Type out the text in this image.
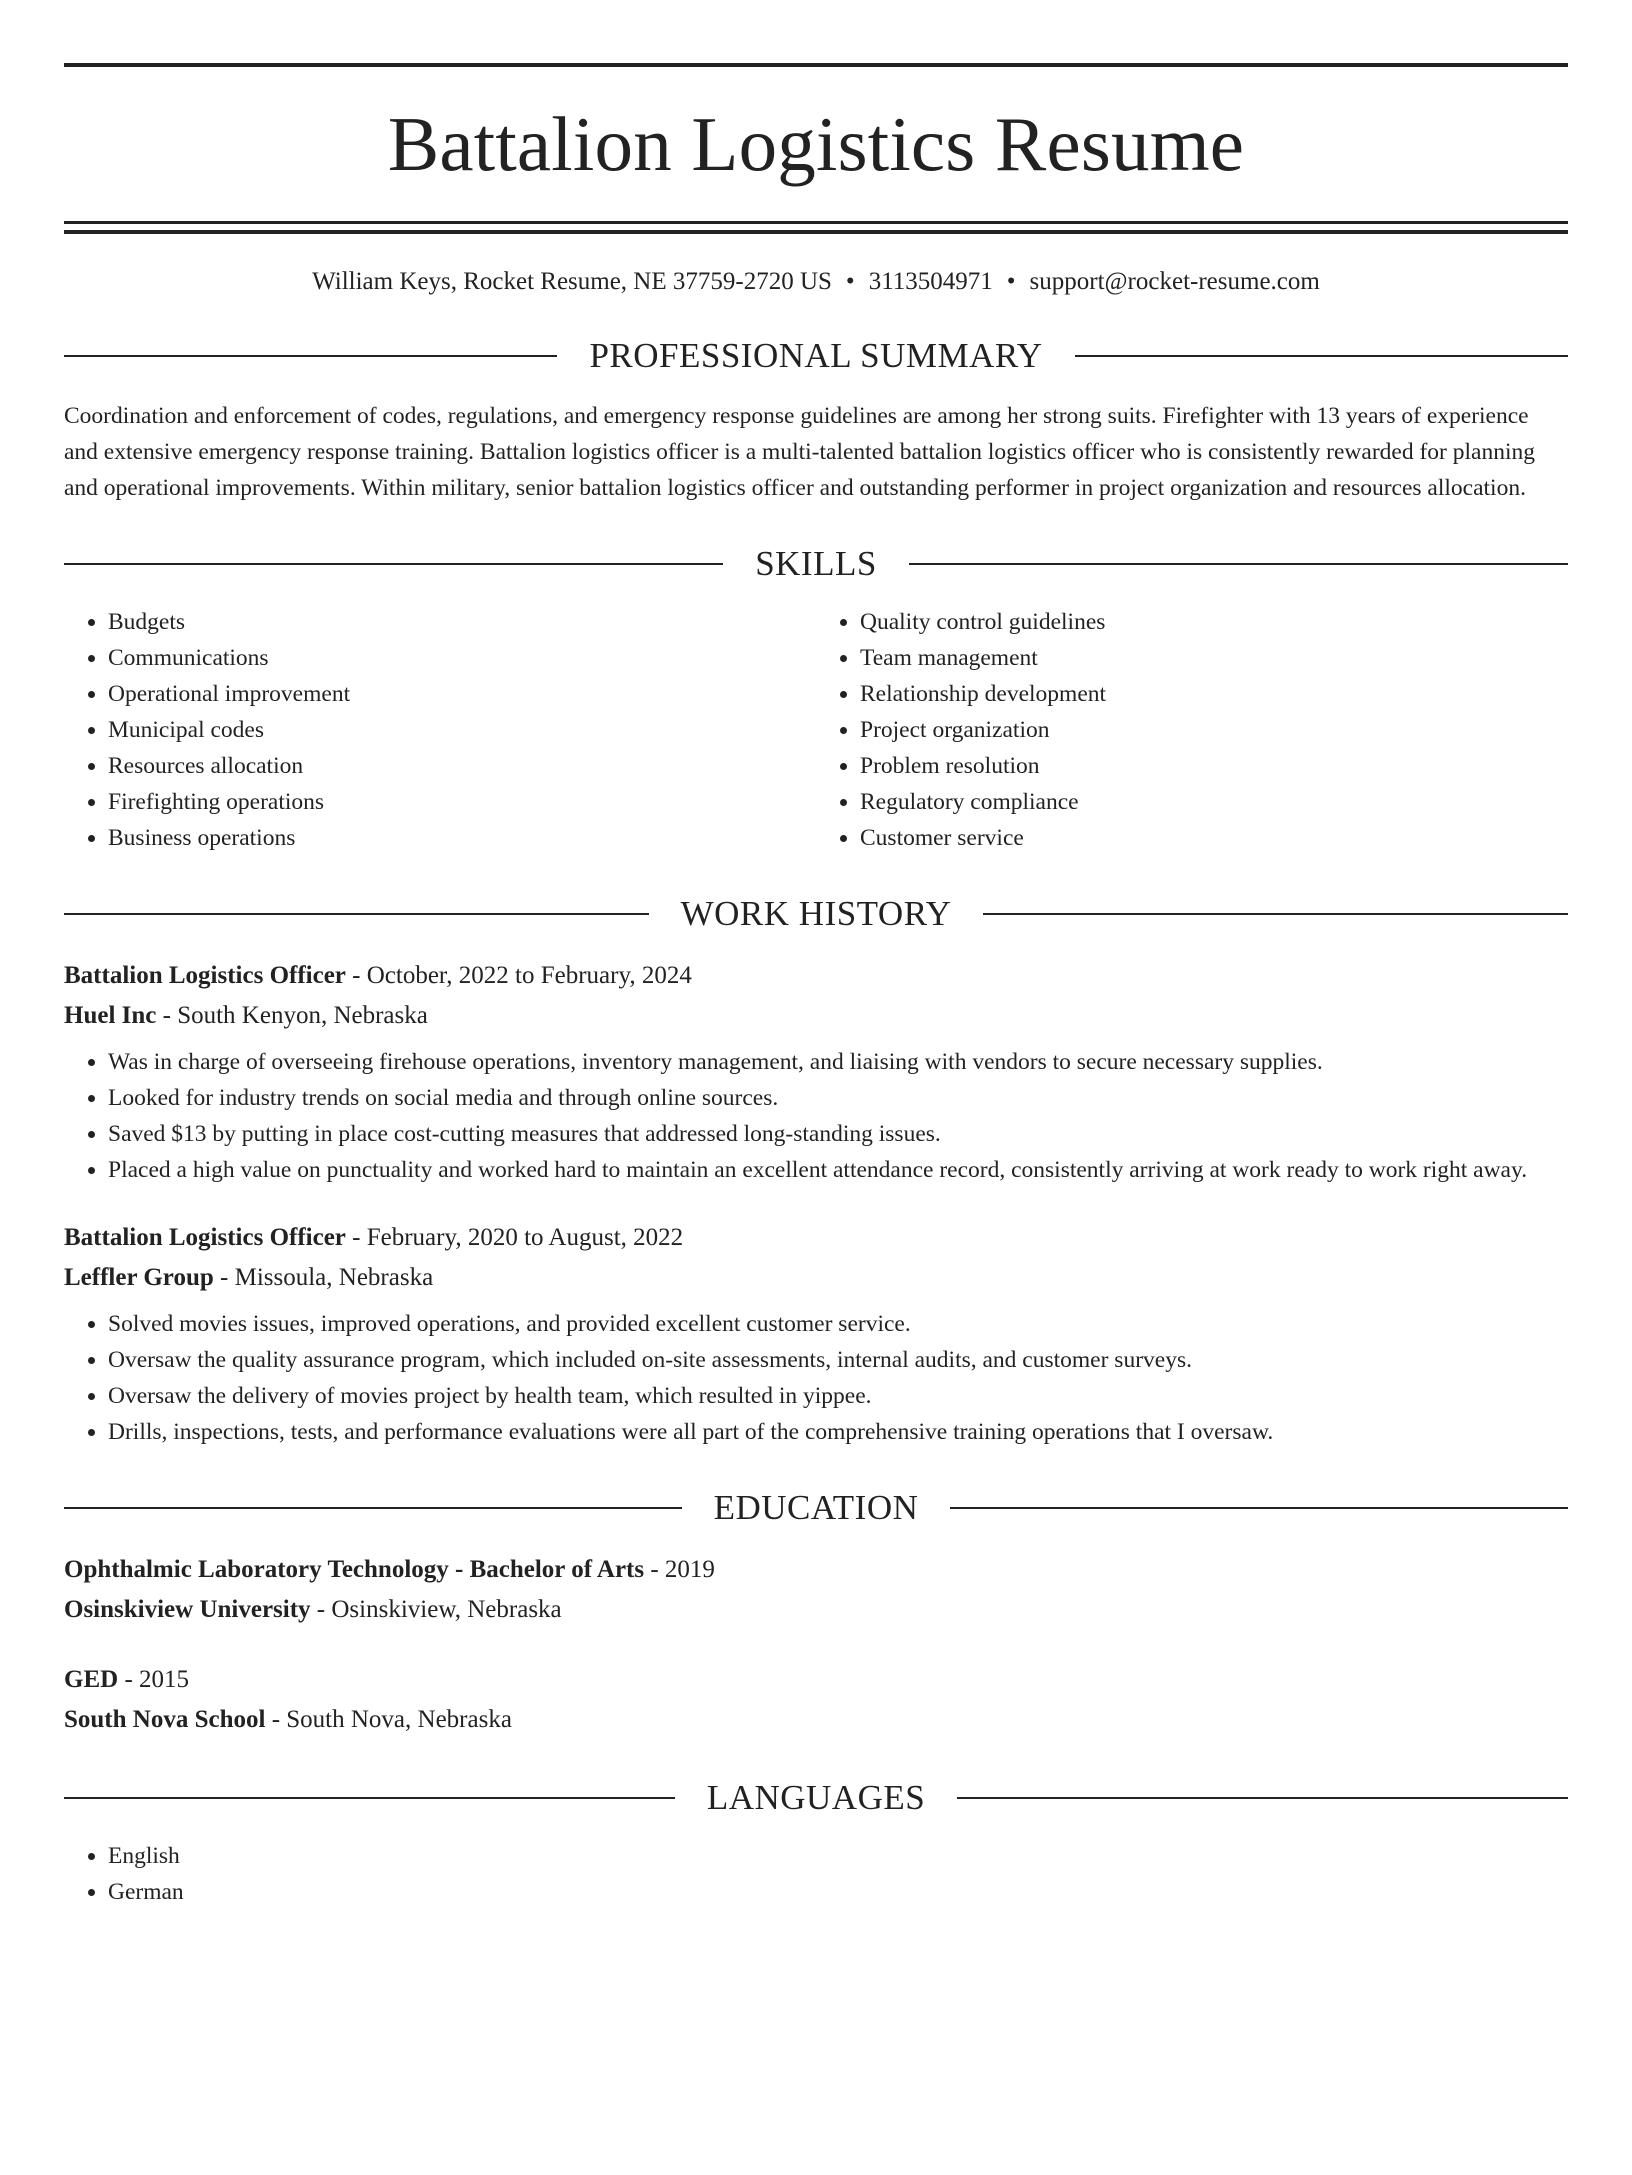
Battalion Logistics Resume
William Keys, Rocket Resume, NE 37759-2720 US • 3113504971 • support@rocket-resume.com
PROFESSIONAL SUMMARY
Coordination and enforcement of codes, regulations, and emergency response guidelines are among her strong suits. Firefighter with 13 years of experience and extensive emergency response training. Battalion logistics officer is a multi-talented battalion logistics officer who is consistently rewarded for planning and operational improvements. Within military, senior battalion logistics officer and outstanding performer in project organization and resources allocation.
SKILLS
• Budgets
• Communications
• Operational improvement
• Municipal codes
• Resources allocation
• Firefighting operations
• Business operations
• Quality control guidelines
• Team management
• Relationship development
• Project organization
• Problem resolution
• Regulatory compliance
• Customer service
WORK HISTORY
Battalion Logistics Officer - October, 2022 to February, 2024
Huel Inc - South Kenyon, Nebraska
• Was in charge of overseeing firehouse operations, inventory management, and liaising with vendors to secure necessary supplies.
• Looked for industry trends on social media and through online sources.
• Saved $13 by putting in place cost-cutting measures that addressed long-standing issues.
• Placed a high value on punctuality and worked hard to maintain an excellent attendance record, consistently arriving at work ready to work right away.
Battalion Logistics Officer - February, 2020 to August, 2022
Leffler Group - Missoula, Nebraska
• Solved movies issues, improved operations, and provided excellent customer service.
• Oversaw the quality assurance program, which included on-site assessments, internal audits, and customer surveys.
• Oversaw the delivery of movies project by health team, which resulted in yippee.
• Drills, inspections, tests, and performance evaluations were all part of the comprehensive training operations that I oversaw.
EDUCATION
Ophthalmic Laboratory Technology - Bachelor of Arts - 2019
Osinskiview University - Osinskiview, Nebraska
GED - 2015
South Nova School - South Nova, Nebraska
LANGUAGES
• English
• German
